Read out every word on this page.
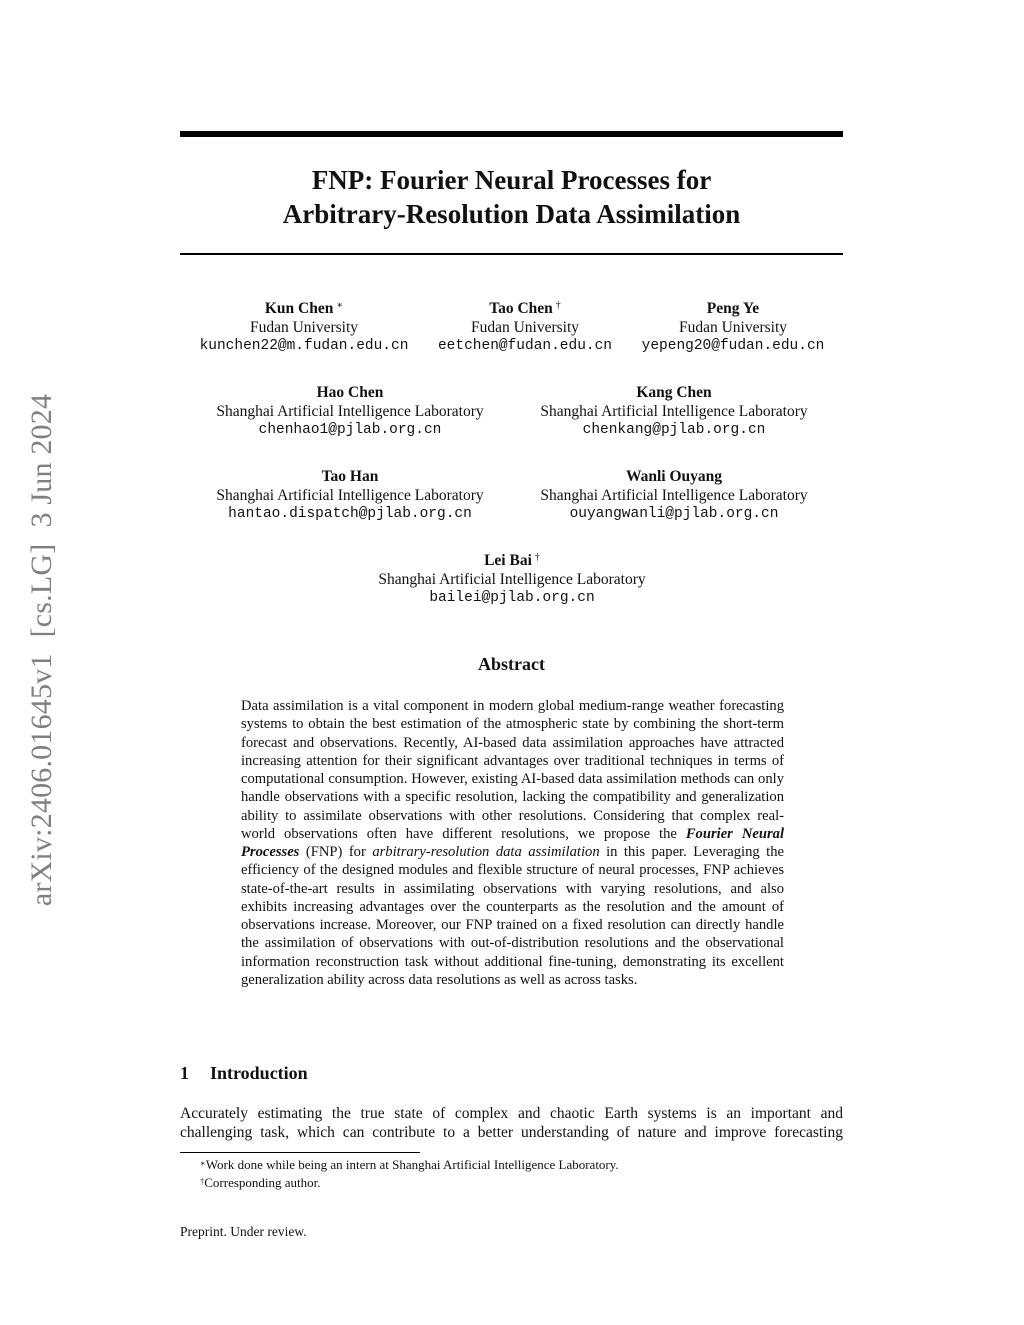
arXiv:2406.01645v1[cs.LG]3 Jun 2024
FNP: Fourier Neural Processes for
Arbitrary-Resolution Data Assimilation
Kun Chen ∗
Fudan University
kunchen22@m.fudan.edu.cn
Tao Chen †
Fudan University
eetchen@fudan.edu.cn
Peng Ye
Fudan University
yepeng20@fudan.edu.cn
Hao Chen
Shanghai Artificial Intelligence Laboratory
chenhao1@pjlab.org.cn
Kang Chen
Shanghai Artificial Intelligence Laboratory
chenkang@pjlab.org.cn
Tao Han
Shanghai Artificial Intelligence Laboratory
hantao.dispatch@pjlab.org.cn
Wanli Ouyang
Shanghai Artificial Intelligence Laboratory
ouyangwanli@pjlab.org.cn
Lei Bai †
Shanghai Artificial Intelligence Laboratory
bailei@pjlab.org.cn
Abstract

Data assimilation is a vital component in modern global medium-range weather forecasting systems to obtain the best estimation of the atmospheric state by combining the short-term forecast and observations. Recently, AI-based data assimilation approaches have attracted increasing attention for their significant advantages over traditional techniques in terms of computational consumption. However, existing AI-based data assimilation methods can only handle observations with a specific resolution, lacking the compatibility and generalization ability to assimilate observations with other resolutions. Considering that complex real-world observations often have different resolutions, we propose the Fourier Neural Processes (FNP) for arbitrary-resolution data assimilation in this paper. Leveraging the efficiency of the designed modules and flexible structure of neural processes, FNP achieves state-of-the-art results in assimilating observations with varying resolutions, and also exhibits increasing advantages over the counterparts as the resolution and the amount of observations increase. Moreover, our FNP trained on a fixed resolution can directly handle the assimilation of observations with out-of-distribution resolutions and the observational information reconstruction task without additional fine-tuning, demonstrating its excellent generalization ability across data resolutions as well as across tasks.

1 Introduction

Accurately estimating the true state of complex and chaotic Earth systems is an important and
challenging task, which can contribute to a better understanding of nature and improve forecasting

∗Work done while being an intern at Shanghai Artificial Intelligence Laboratory.
†Corresponding author.
Preprint. Under review.
